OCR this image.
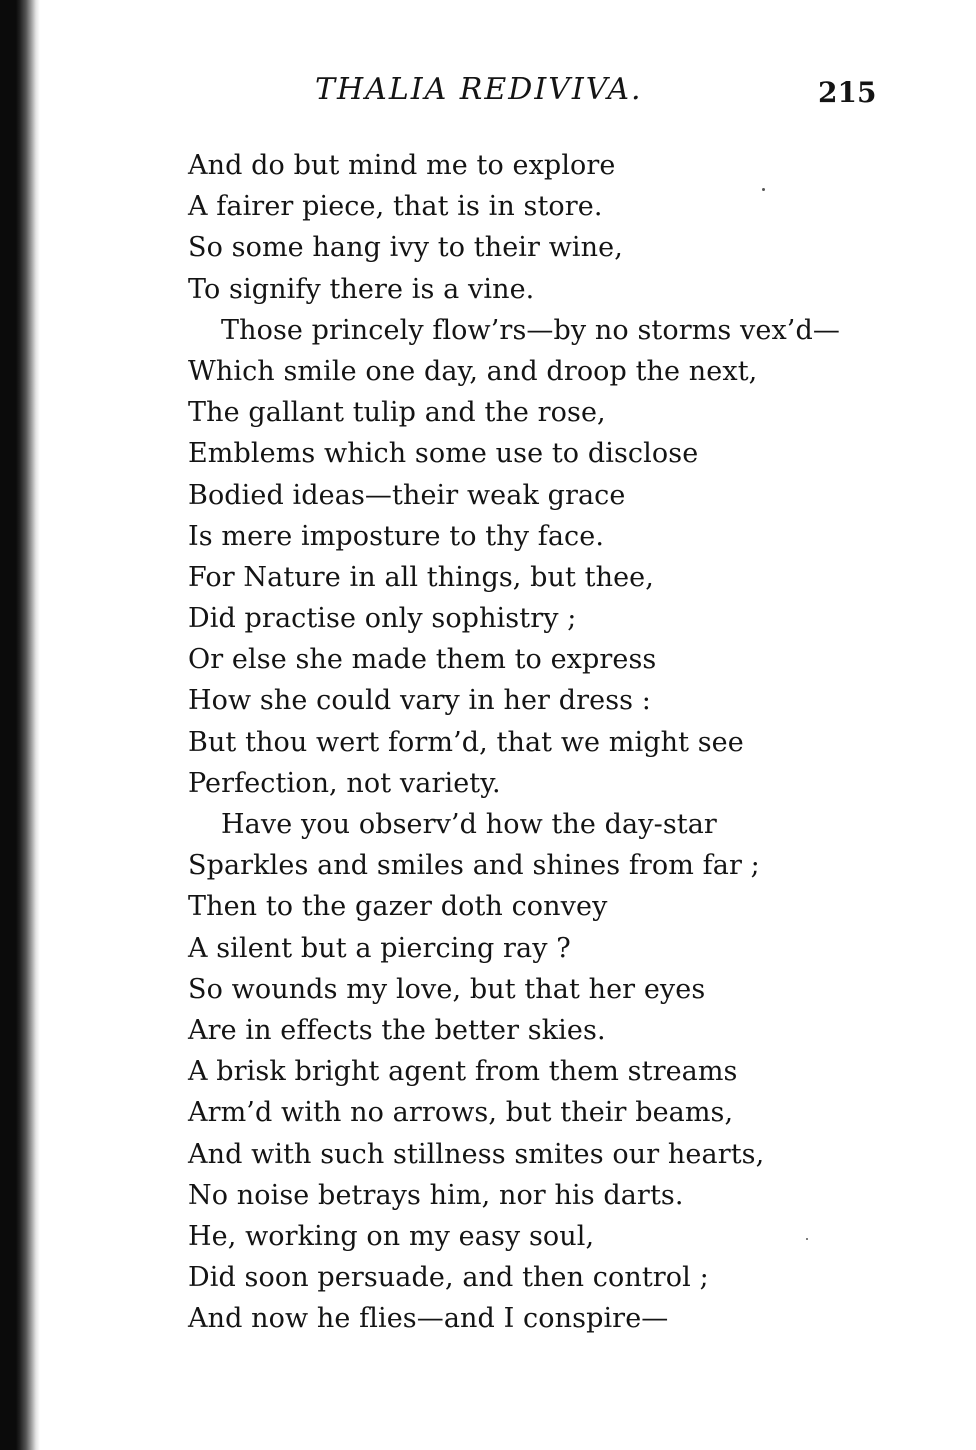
THALIA REDIVIVA.	215
And do but mind me to explore
A fairer piece, that is in store.
So some hang ivy to their wine,
To signify there is a vine.
Those princely flow’rs—by no storms vex’d—
Which smile one day, and droop the next,
The gallant tulip and the rose,
Emblems which some use to disclose
Bodied ideas—their weak grace
Is mere imposture to thy face.
For Nature in all things, but thee,
Did practise only sophistry ;
Or else she made them to express
How she could vary in her dress :
But thou wert form’d, that we might see
Perfection, not variety.
Have you observ’d how the day-star
Sparkles and smiles and shines from far ;
Then to the gazer doth convey
A silent but a piercing ray ?
So wounds my love, but that her eyes
Are in effects the better skies.
A brisk bright agent from them streams
Arm’d with no arrows, but their beams,
And with such stillness smites our hearts,
No noise betrays him, nor his darts.
He, working on my easy soul,
Did soon persuade, and then control ;
And now he flies—and I conspire—
